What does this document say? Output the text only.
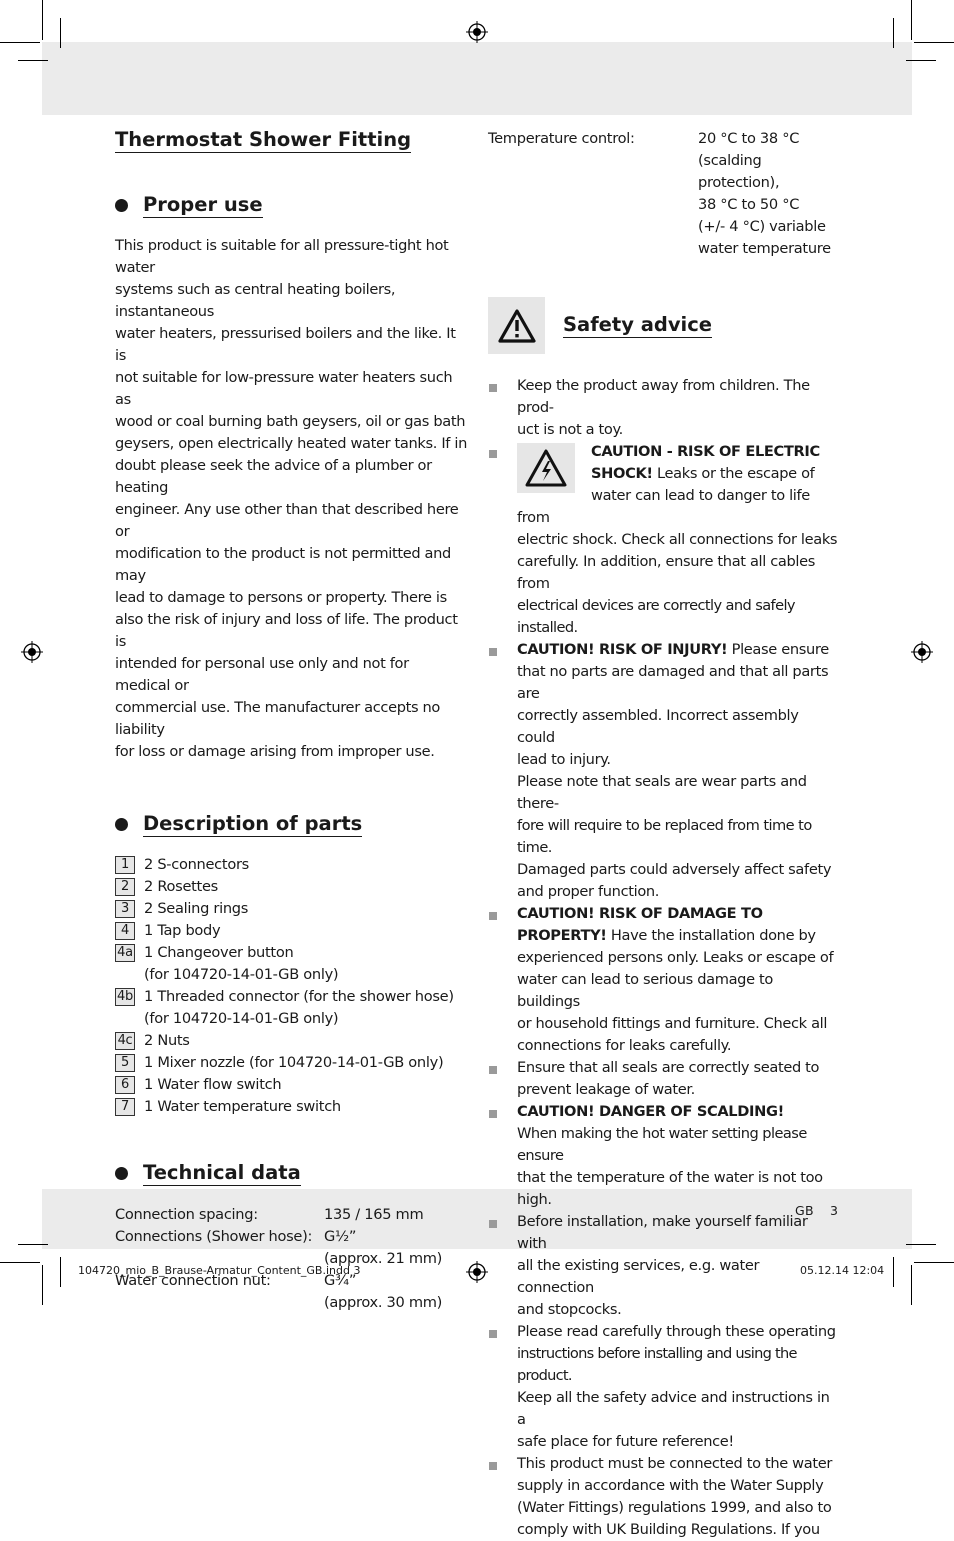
Thermostat Shower Fitting
Proper use
This product is suitable for all pressure-tight hot water
systems such as central heating boilers, instantaneous
water heaters, pressurised boilers and the like. It is
not suitable for low-pressure water heaters such as
wood or coal burning bath geysers, oil or gas bath
geysers, open electrically heated water tanks. If in
doubt please seek the advice of a plumber or heating
engineer. Any use other than that described here or
modification to the product is not permitted and may
lead to damage to persons or property. There is
also the risk of injury and loss of life. The product is
intended for personal use only and not for medical or
commercial use. The manufacturer accepts no liability
for loss or damage arising from improper use.
Description of parts
1	2 S-connectors
2	2 Rosettes
3	2 Sealing rings
4	1 Tap body
4a 1 Changeover button
(for 104720-14-01-GB only)
4b 1 Threaded connector (for the shower hose)
(for 104720-14-01-GB only)
4c 2 Nuts
5	1 Mixer nozzle (for 104720-14-01-GB only)
6	1 Water flow switch
7	1 Water temperature switch
Technical data
Connection spacing:	135 / 165 mm
Connections (Shower hose): G½”
(approx. 21 mm)
Water connection nut:	G¾”
(approx. 30 mm)
Temperature control:	20 °C to 38 °C
(scalding protection),
38 °C to 50 °C
(+/- 4 °C) variable
water temperature
Safety advice
Keep the product away from children. The prod-
uct is not a toy.
CAUTION - RISK OF ELECTRIC
SHOCK! Leaks or the escape of
water can lead to danger to life from
electric shock. Check all connections for leaks
carefully. In addition, ensure that all cables from
electrical devices are correctly and safely installed.
CAUTION! RISK OF INJURY! Please ensure
that no parts are damaged and that all parts are
correctly assembled. Incorrect assembly could
lead to injury.
Please note that seals are wear parts and there-
fore will require to be replaced from time to time.
Damaged parts could adversely affect safety
and proper function.
CAUTION! RISK OF DAMAGE TO
PROPERTY! Have the installation done by
experienced persons only. Leaks or escape of
water can lead to serious damage to buildings
or household fittings and furniture. Check all
connections for leaks carefully.
Ensure that all seals are correctly seated to
prevent leakage of water.
CAUTION! DANGER OF SCALDING!
When making the hot water setting please ensure
that the temperature of the water is not too high.
Before installation, make yourself familiar with
all the existing services, e.g. water connection
and stopcocks.
Please read carefully through these operating
instructions before installing and using the product.
Keep all the safety advice and instructions in a
safe place for future reference!
This product must be connected to the water
supply in accordance with the Water Supply
(Water Fittings) regulations 1999, and also to
comply with UK Building Regulations. If you
GB 3
104720_mio_B_Brause-Armatur_Content_GB.indd 3	05.12.14 12:04
